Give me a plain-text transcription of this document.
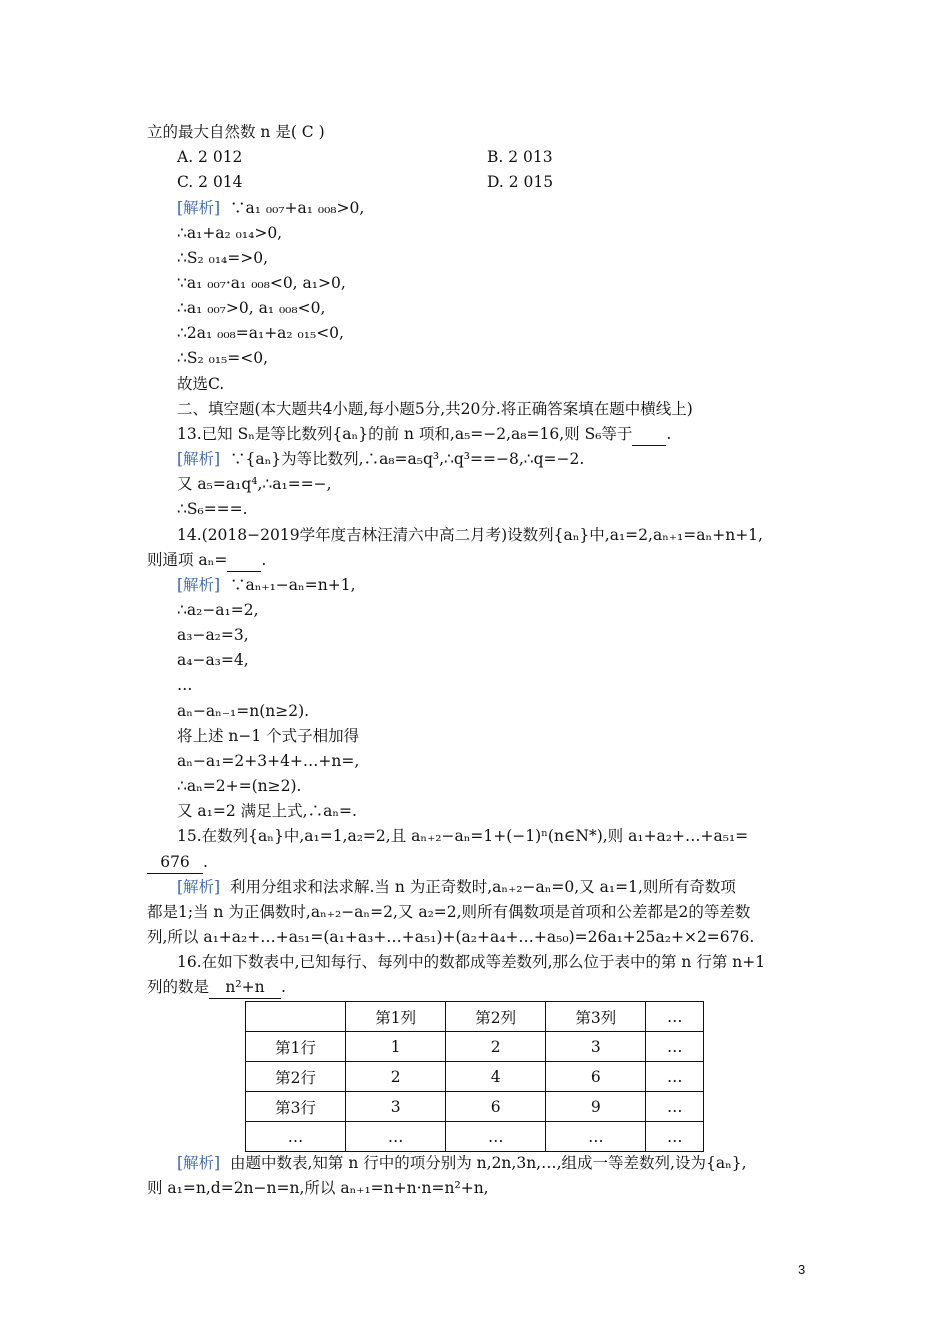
立的最大自然数 n 是( C )
A. 2 012	B. 2 013
C. 2 014	D. 2 015
[解析] ∵a₁ ₀₀₇+a₁ ₀₀₈>0,
∴a₁+a₂ ₀₁₄>0,
∴S₂ ₀₁₄=>0,
∵a₁ ₀₀₇·a₁ ₀₀₈<0, a₁>0,
∴a₁ ₀₀₇>0, a₁ ₀₀₈<0,
∴2a₁ ₀₀₈=a₁+a₂ ₀₁₅<0,
∴S₂ ₀₁₅=<0,
故选C.
二、填空题(本大题共4小题,每小题5分,共20分.将正确答案填在题中横线上)
13.已知 Sₙ是等比数列{aₙ}的前 n 项和,a₅=−2,a₈=16,则 S₆等于 .
[解析] ∵{aₙ}为等比数列,∴a₈=a₅q³,∴q³==−8,∴q=−2.
又 a₅=a₁q⁴,∴a₁==−,
∴S₆===.
14.(2018−2019学年度吉林汪清六中高二月考)设数列{aₙ}中,a₁=2,aₙ₊₁=aₙ+n+1,
则通项 aₙ= .
[解析] ∵aₙ₊₁−aₙ=n+1,
∴a₂−a₁=2,
a₃−a₂=3,
a₄−a₃=4,
…
aₙ−aₙ₋₁=n(n≥2).
将上述 n−1 个式子相加得
aₙ−a₁=2+3+4+…+n=,
∴aₙ=2+=(n≥2).
又 a₁=2 满足上式,∴aₙ=.
15.在数列{aₙ}中,a₁=1,a₂=2,且 aₙ₊₂−aₙ=1+(−1)ⁿ(n∈N*),则 a₁+a₂+…+a₅₁=
676 .
[解析] 利用分组求和法求解.当 n 为正奇数时,aₙ₊₂−aₙ=0,又 a₁=1,则所有奇数项
都是1;当 n 为正偶数时,aₙ₊₂−aₙ=2,又 a₂=2,则所有偶数项是首项和公差都是2的等差数
列,所以 a₁+a₂+…+a₅₁=(a₁+a₃+…+a₅₁)+(a₂+a₄+…+a₅₀)=26a₁+25a₂+×2=676.
16.在如下数表中,已知每行、每列中的数都成等差数列,那么位于表中的第 n 行第 n+1
列的数是 n²+n .
	第1列	第2列	第3列	…
第1行	1	2	3	…
第2行	2	4	6	…
第3行	3	6	9	…
…	…	…	…	…
[解析] 由题中数表,知第 n 行中的项分别为 n,2n,3n,…,组成一等差数列,设为{aₙ},
则 a₁=n,d=2n−n=n,所以 aₙ₊₁=n+n·n=n²+n,
3
